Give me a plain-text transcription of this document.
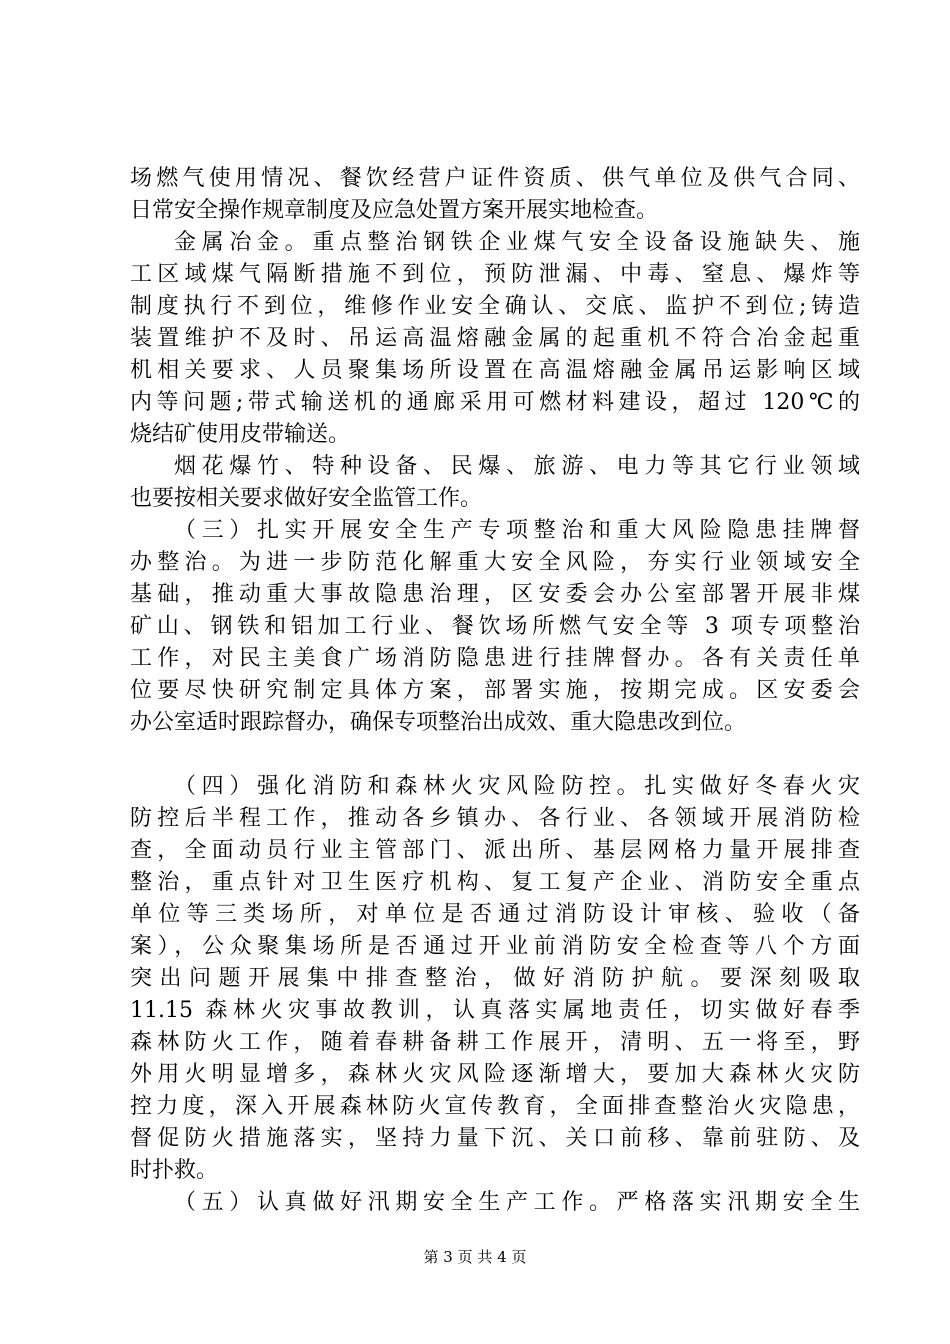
场燃气使用情况、餐饮经营户证件资质、供气单位及供气合同、
日常安全操作规章制度及应急处置方案开展实地检查。
金属冶金。重点整治钢铁企业煤气安全设备设施缺失、施
工区域煤气隔断措施不到位，预防泄漏、中毒、窒息、爆炸等
制度执行不到位，维修作业安全确认、交底、监护不到位;铸造
装置维护不及时、吊运高温熔融金属的起重机不符合冶金起重
机相关要求、人员聚集场所设置在高温熔融金属吊运影响区域
内等问题;带式输送机的通廊采用可燃材料建设，超过 120℃的
烧结矿使用皮带输送。
烟花爆竹、特种设备、民爆、旅游、电力等其它行业领域
也要按相关要求做好安全监管工作。
（三）扎实开展安全生产专项整治和重大风险隐患挂牌督
办整治。为进一步防范化解重大安全风险，夯实行业领域安全
基础，推动重大事故隐患治理，区安委会办公室部署开展非煤
矿山、钢铁和铝加工行业、餐饮场所燃气安全等 3 项专项整治
工作，对民主美食广场消防隐患进行挂牌督办。各有关责任单
位要尽快研究制定具体方案，部署实施，按期完成。区安委会
办公室适时跟踪督办，确保专项整治出成效、重大隐患改到位。
（四）强化消防和森林火灾风险防控。扎实做好冬春火灾
防控后半程工作，推动各乡镇办、各行业、各领域开展消防检
查，全面动员行业主管部门、派出所、基层网格力量开展排查
整治，重点针对卫生医疗机构、复工复产企业、消防安全重点
单位等三类场所，对单位是否通过消防设计审核、验收（备
案），公众聚集场所是否通过开业前消防安全检查等八个方面
突出问题开展集中排查整治，做好消防护航。要深刻吸取
11.15 森林火灾事故教训，认真落实属地责任，切实做好春季
森林防火工作，随着春耕备耕工作展开，清明、五一将至，野
外用火明显增多，森林火灾风险逐渐增大，要加大森林火灾防
控力度，深入开展森林防火宣传教育，全面排查整治火灾隐患，
督促防火措施落实，坚持力量下沉、关口前移、靠前驻防、及
时扑救。
（五）认真做好汛期安全生产工作。严格落实汛期安全生
第 3 页 共 4 页
